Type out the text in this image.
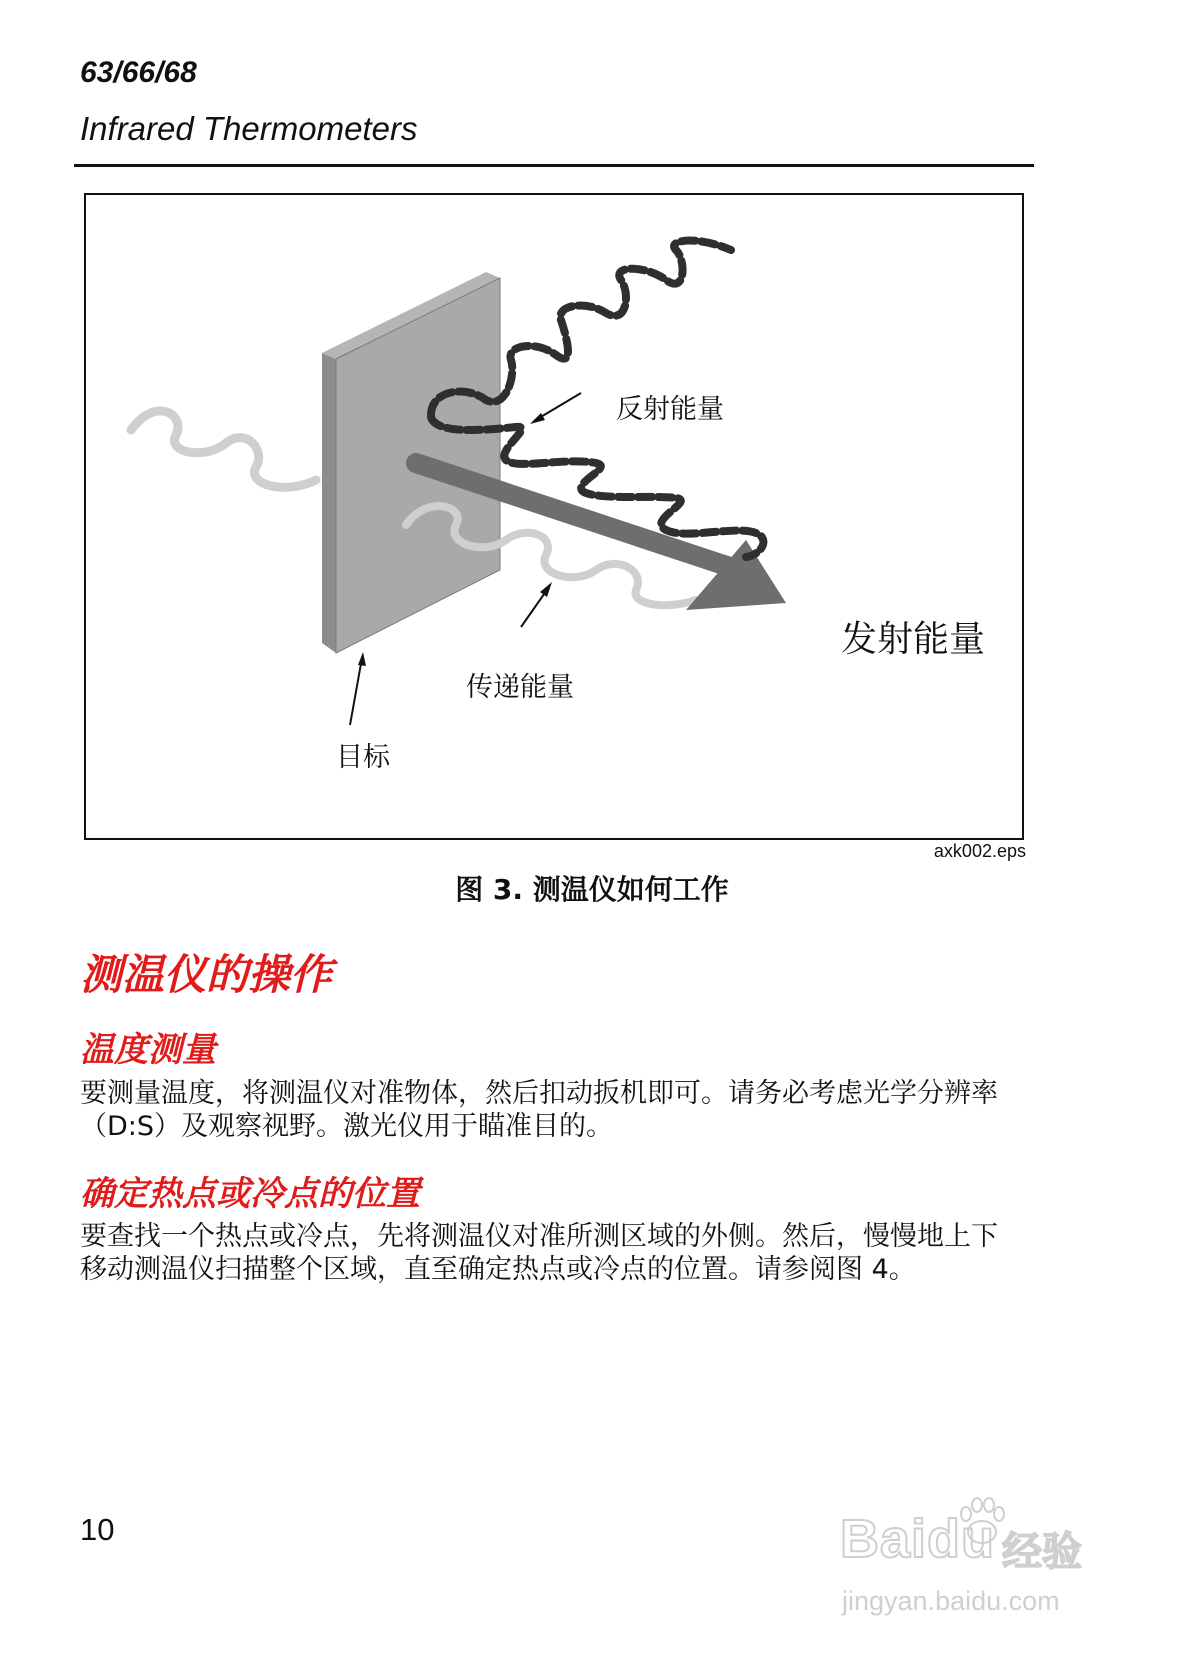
63/66/68
Infrared Thermometers
反射能量
发射能量
传递能量
目标
axk002.eps
图 3. 测温仪如何工作
测温仪的操作
温度测量
要测量温度，将测温仪对准物体，然后扣动扳机即可。请务必考虑光学分辨率（D:S）及观察视野。激光仪用于瞄准目的。
确定热点或冷点的位置
要查找一个热点或冷点，先将测温仪对准所测区域的外侧。然后，慢慢地上下移动测温仪扫描整个区域，直至确定热点或冷点的位置。请参阅图 4。
10	Baidu 经验
jingyan.baidu.com
